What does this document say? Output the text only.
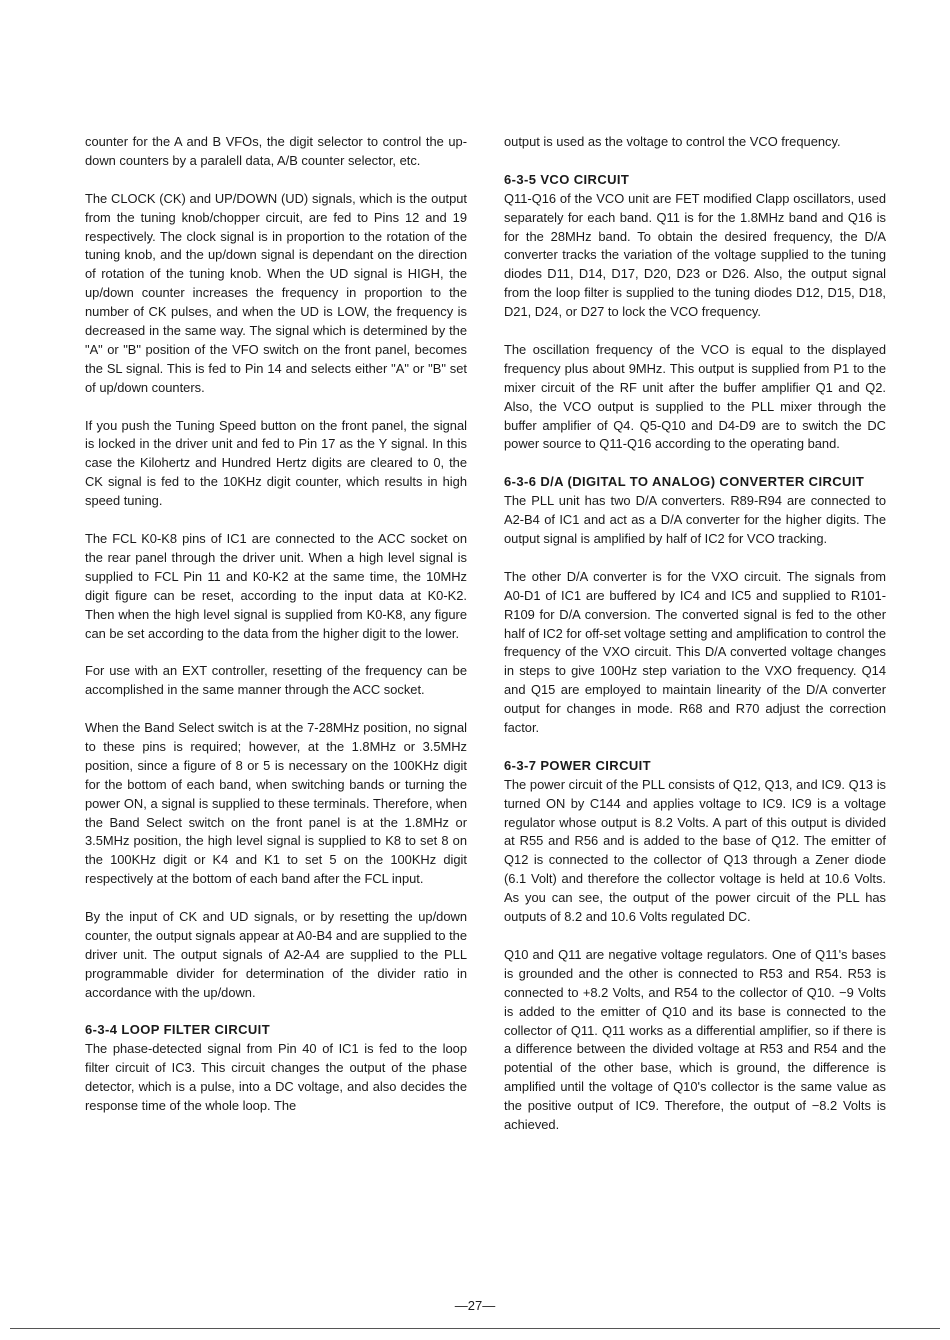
counter for the A and B VFOs, the digit selector to control the up-down counters by a paralell data, A/B counter selector, etc.

The CLOCK (CK) and UP/DOWN (UD) signals, which is the output from the tuning knob/chopper circuit, are fed to Pins 12 and 19 respectively. The clock signal is in proportion to the rotation of the tuning knob, and the up/down signal is dependant on the direction of rotation of the tuning knob. When the UD signal is HIGH, the up/down counter increases the frequency in proportion to the number of CK pulses, and when the UD is LOW, the frequency is decreased in the same way. The signal which is determined by the "A" or "B" position of the VFO switch on the front panel, becomes the SL signal. This is fed to Pin 14 and selects either "A" or "B" set of up/down counters.

If you push the Tuning Speed button on the front panel, the signal is locked in the driver unit and fed to Pin 17 as the Y signal. In this case the Kilohertz and Hundred Hertz digits are cleared to 0, the CK signal is fed to the 10KHz digit counter, which results in high speed tuning.

The FCL K0-K8 pins of IC1 are connected to the ACC socket on the rear panel through the driver unit. When a high level signal is supplied to FCL Pin 11 and K0-K2 at the same time, the 10MHz digit figure can be reset, according to the input data at K0-K2. Then when the high level signal is supplied from K0-K8, any figure can be set according to the data from the higher digit to the lower.

For use with an EXT controller, resetting of the frequency can be accomplished in the same manner through the ACC socket.

When the Band Select switch is at the 7-28MHz position, no signal to these pins is required; however, at the 1.8MHz or 3.5MHz position, since a figure of 8 or 5 is necessary on the 100KHz digit for the bottom of each band, when switching bands or turning the power ON, a signal is supplied to these terminals. Therefore, when the Band Select switch on the front panel is at the 1.8MHz or 3.5MHz position, the high level signal is supplied to K8 to set 8 on the 100KHz digit or K4 and K1 to set 5 on the 100KHz digit respectively at the bottom of each band after the FCL input.

By the input of CK and UD signals, or by resetting the up/down counter, the output signals appear at A0-B4 and are supplied to the driver unit. The output signals of A2-A4 are supplied to the PLL programmable divider for determination of the divider ratio in accordance with the up/down.

6-3-4 LOOP FILTER CIRCUIT

The phase-detected signal from Pin 40 of IC1 is fed to the loop filter circuit of IC3. This circuit changes the output of the phase detector, which is a pulse, into a DC voltage, and also decides the response time of the whole loop. The

output is used as the voltage to control the VCO frequency.

6-3-5 VCO CIRCUIT

Q11-Q16 of the VCO unit are FET modified Clapp oscillators, used separately for each band. Q11 is for the 1.8MHz band and Q16 is for the 28MHz band. To obtain the desired frequency, the D/A converter tracks the variation of the voltage supplied to the tuning diodes D11, D14, D17, D20, D23 or D26. Also, the output signal from the loop filter is supplied to the tuning diodes D12, D15, D18, D21, D24, or D27 to lock the VCO frequency.

The oscillation frequency of the VCO is equal to the displayed frequency plus about 9MHz. This output is supplied from P1 to the mixer circuit of the RF unit after the buffer amplifier Q1 and Q2. Also, the VCO output is supplied to the PLL mixer through the buffer amplifier of Q4. Q5-Q10 and D4-D9 are to switch the DC power source to Q11-Q16 according to the operating band.

6-3-6 D/A (DIGITAL TO ANALOG) CONVERTER CIRCUIT

The PLL unit has two D/A converters. R89-R94 are connected to A2-B4 of IC1 and act as a D/A converter for the higher digits. The output signal is amplified by half of IC2 for VCO tracking.

The other D/A converter is for the VXO circuit. The signals from A0-D1 of IC1 are buffered by IC4 and IC5 and supplied to R101-R109 for D/A conversion. The converted signal is fed to the other half of IC2 for off-set voltage setting and amplification to control the frequency of the VXO circuit. This D/A converted voltage changes in steps to give 100Hz step variation to the VXO frequency. Q14 and Q15 are employed to maintain linearity of the D/A converter output for changes in mode. R68 and R70 adjust the correction factor.

6-3-7 POWER CIRCUIT

The power circuit of the PLL consists of Q12, Q13, and IC9. Q13 is turned ON by C144 and applies voltage to IC9. IC9 is a voltage regulator whose output is 8.2 Volts. A part of this output is divided at R55 and R56 and is added to the base of Q12. The emitter of Q12 is connected to the collector of Q13 through a Zener diode (6.1 Volt) and therefore the collector voltage is held at 10.6 Volts. As you can see, the output of the power circuit of the PLL has outputs of 8.2 and 10.6 Volts regulated DC.

Q10 and Q11 are negative voltage regulators. One of Q11's bases is grounded and the other is connected to R53 and R54. R53 is connected to +8.2 Volts, and R54 to the collector of Q10. −9 Volts is added to the emitter of Q10 and its base is connected to the collector of Q11. Q11 works as a differential amplifier, so if there is a difference between the divided voltage at R53 and R54 and the potential of the other base, which is ground, the difference is amplified until the voltage of Q10's collector is the same value as the positive output of IC9. Therefore, the output of −8.2 Volts is achieved.

—27—
